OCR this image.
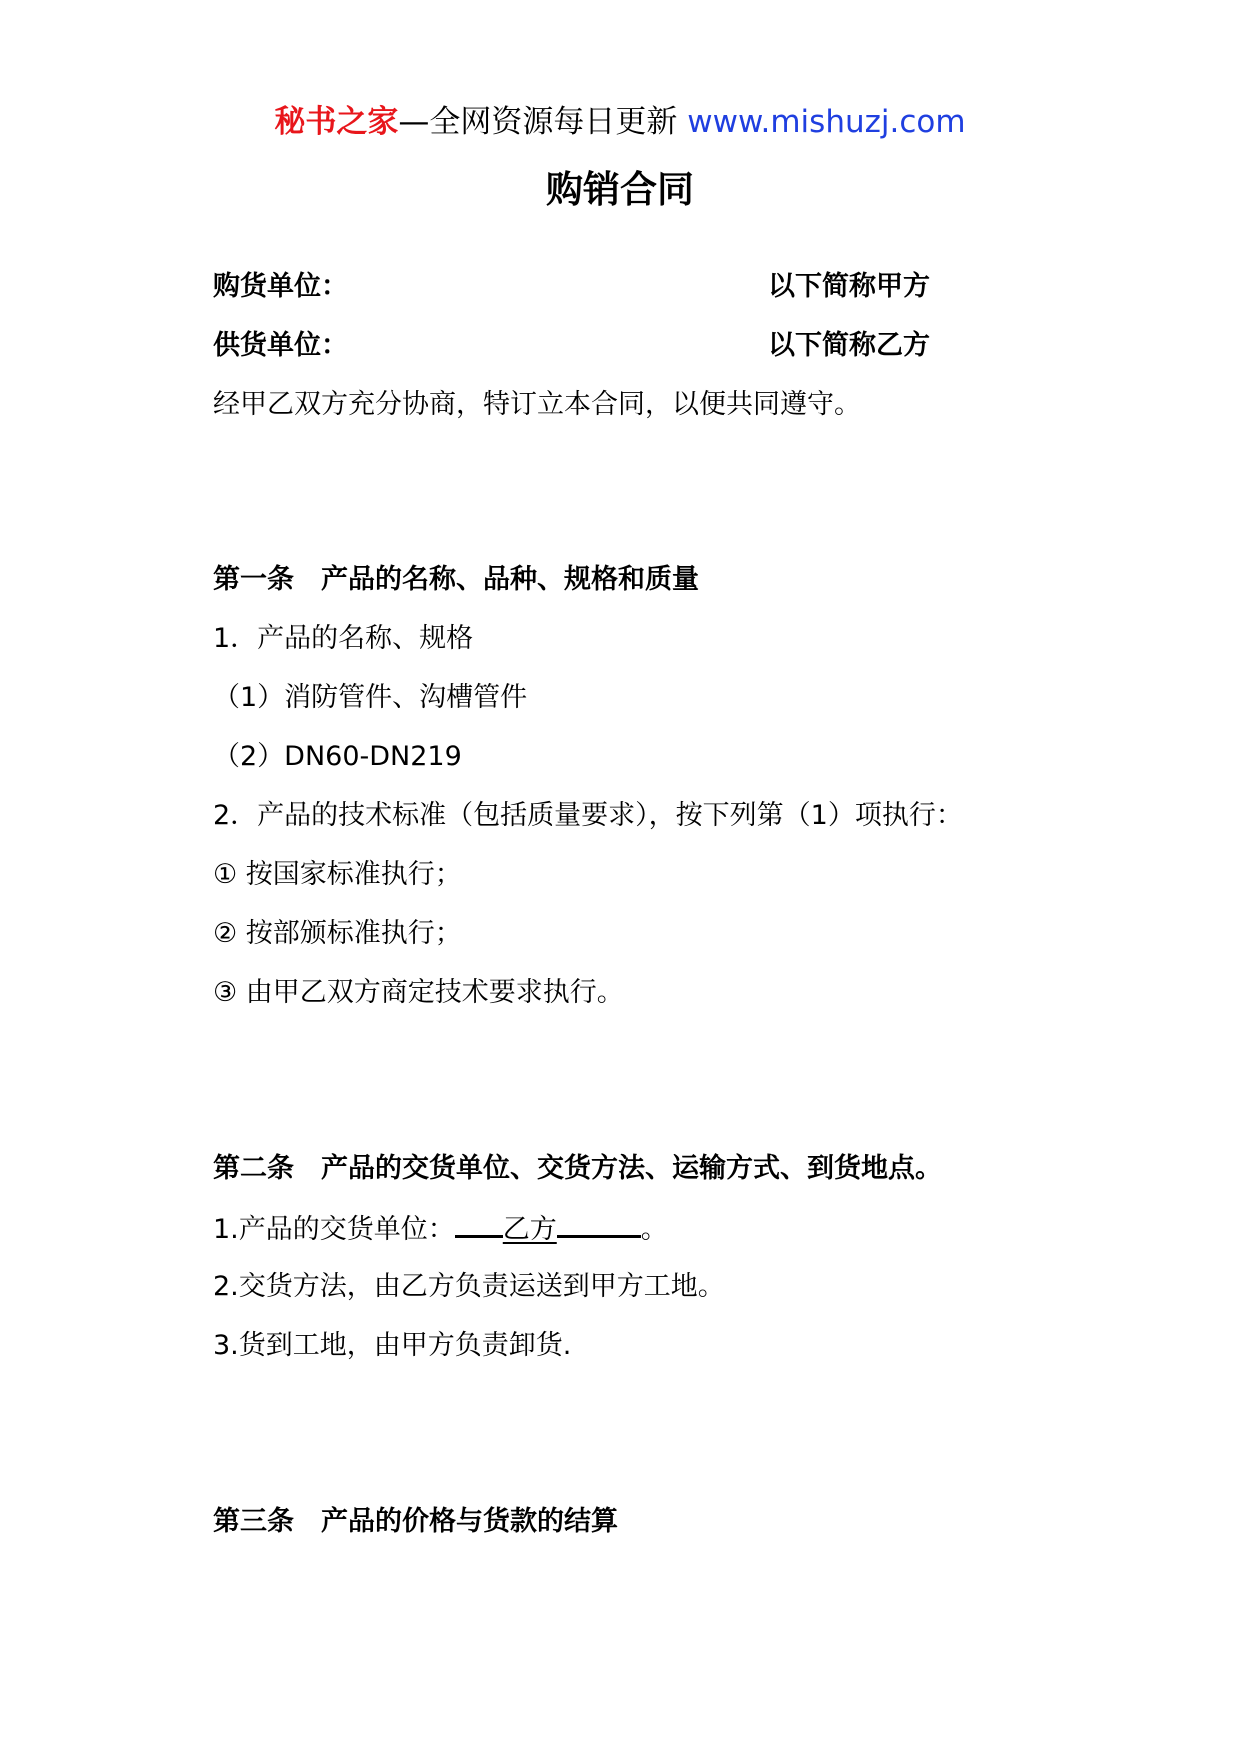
秘书之家—全网资源每日更新 www.mishuzj.com
购销合同
购货单位：	以下简称甲方
供货单位：	以下简称乙方
经甲乙双方充分协商，特订立本合同，以便共同遵守。
第一条　产品的名称、品种、规格和质量
1．产品的名称、规格
（1）消防管件、沟槽管件
（2）DN60-DN219
2．产品的技术标准（包括质量要求），按下列第（1）项执行：
① 按国家标准执行；
② 按部颁标准执行；
③ 由甲乙双方商定技术要求执行。
第二条　产品的交货单位、交货方法、运输方式、到货地点。
1.产品的交货单位： 乙方	。
2.交货方法，由乙方负责运送到甲方工地。
3.货到工地，由甲方负责卸货.
第三条　产品的价格与货款的结算
